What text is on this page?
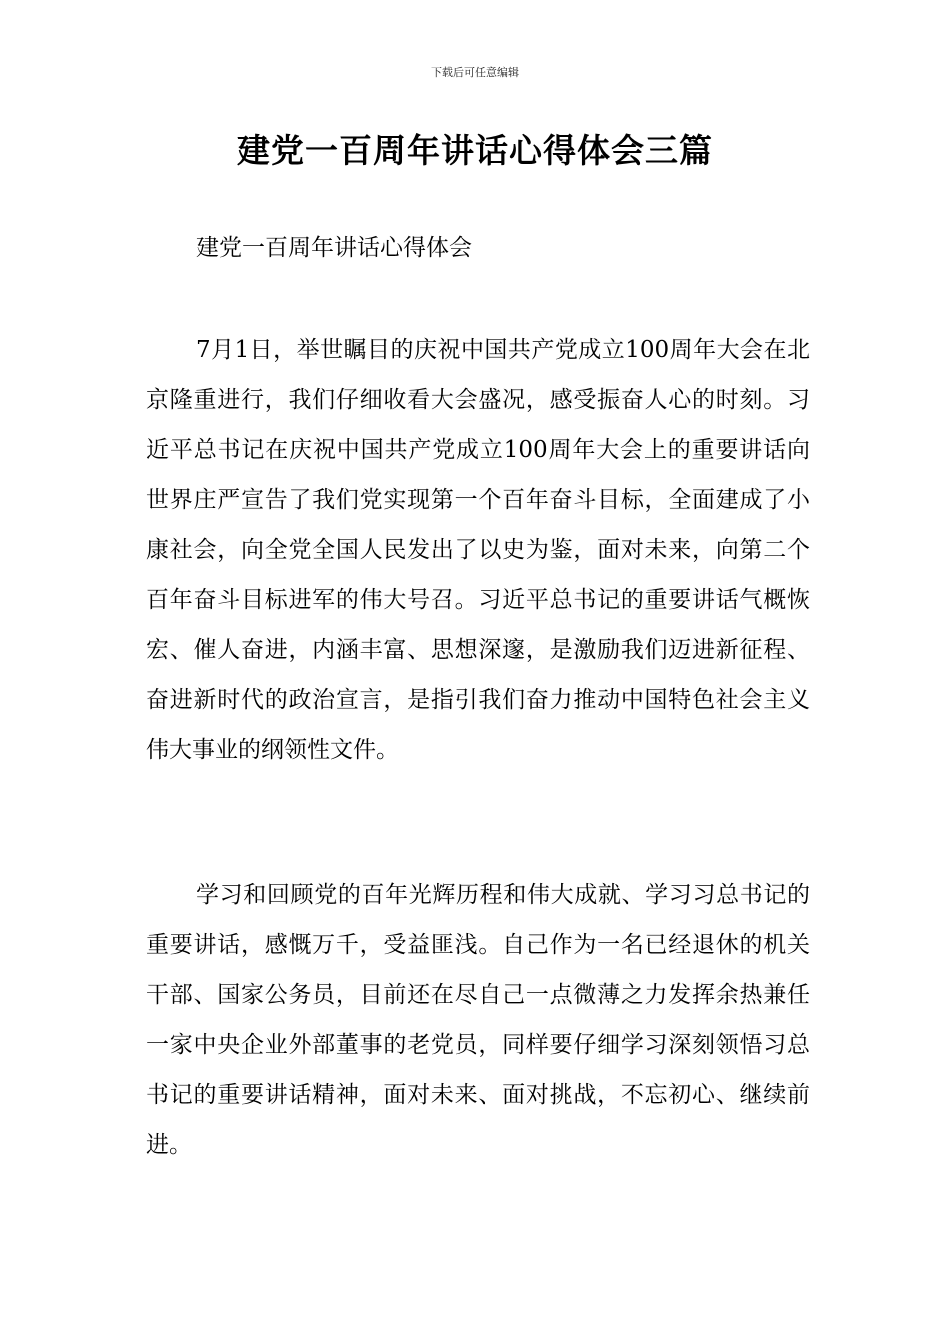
下载后可任意编辑
建党一百周年讲话心得体会三篇

建党一百周年讲话心得体会

7月1日，举世瞩目的庆祝中国共产党成立100周年大会在北京隆重进行，我们仔细收看大会盛况，感受振奋人心的时刻。习近平总书记在庆祝中国共产党成立100周年大会上的重要讲话向世界庄严宣告了我们党实现第一个百年奋斗目标，全面建成了小康社会，向全党全国人民发出了以史为鉴，面对未来，向第二个百年奋斗目标进军的伟大号召。习近平总书记的重要讲话气概恢宏、催人奋进，内涵丰富、思想深邃，是激励我们迈进新征程、奋进新时代的政治宣言，是指引我们奋力推动中国特色社会主义伟大事业的纲领性文件。

学习和回顾党的百年光辉历程和伟大成就、学习习总书记的重要讲话，感慨万千，受益匪浅。自己作为一名已经退休的机关干部、国家公务员，目前还在尽自己一点微薄之力发挥余热兼任一家中央企业外部董事的老党员，同样要仔细学习深刻领悟习总书记的重要讲话精神，面对未来、面对挑战，不忘初心、继续前进。
